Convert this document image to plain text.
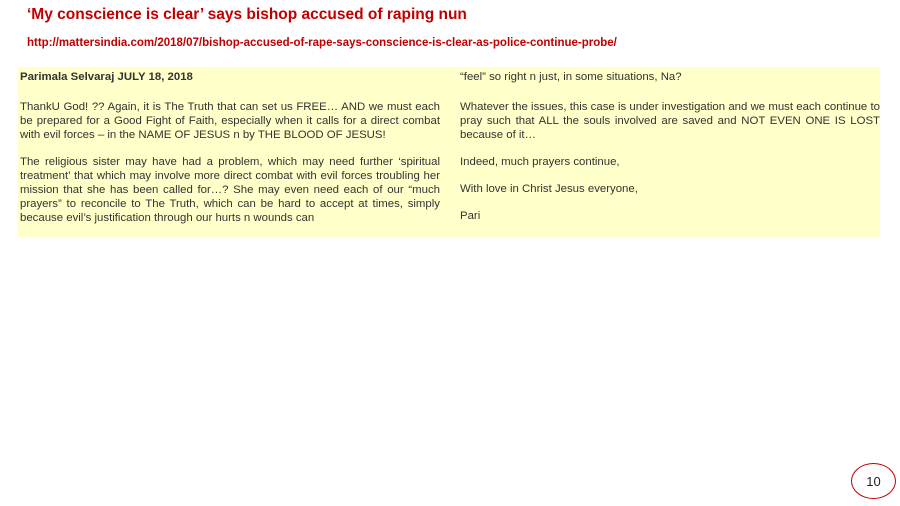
‘My conscience is clear’ says bishop accused of raping nun
http://mattersindia.com/2018/07/bishop-accused-of-rape-says-conscience-is-clear-as-police-continue-probe/

Parimala Selvaraj JULY 18, 2018

ThankU God! ?? Again, it is The Truth that can set us FREE… AND we must each be prepared for a Good Fight of Faith, especially when it calls for a direct combat with evil forces – in the NAME OF JESUS n by THE BLOOD OF JESUS!

The religious sister may have had a problem, which may need further ‘spiritual treatment’ that which may involve more direct combat with evil forces troubling her mission that she has been called for…? She may even need each of our “much prayers” to reconcile to The Truth, which can be hard to accept at times, simply because evil’s justification through our hurts n wounds can

“feel” so right n just, in some situations, Na?

Whatever the issues, this case is under investigation and we must each continue to pray such that ALL the souls involved are saved and NOT EVEN ONE IS LOST because of it…

Indeed, much prayers continue,

With love in Christ Jesus everyone,

Pari

10
